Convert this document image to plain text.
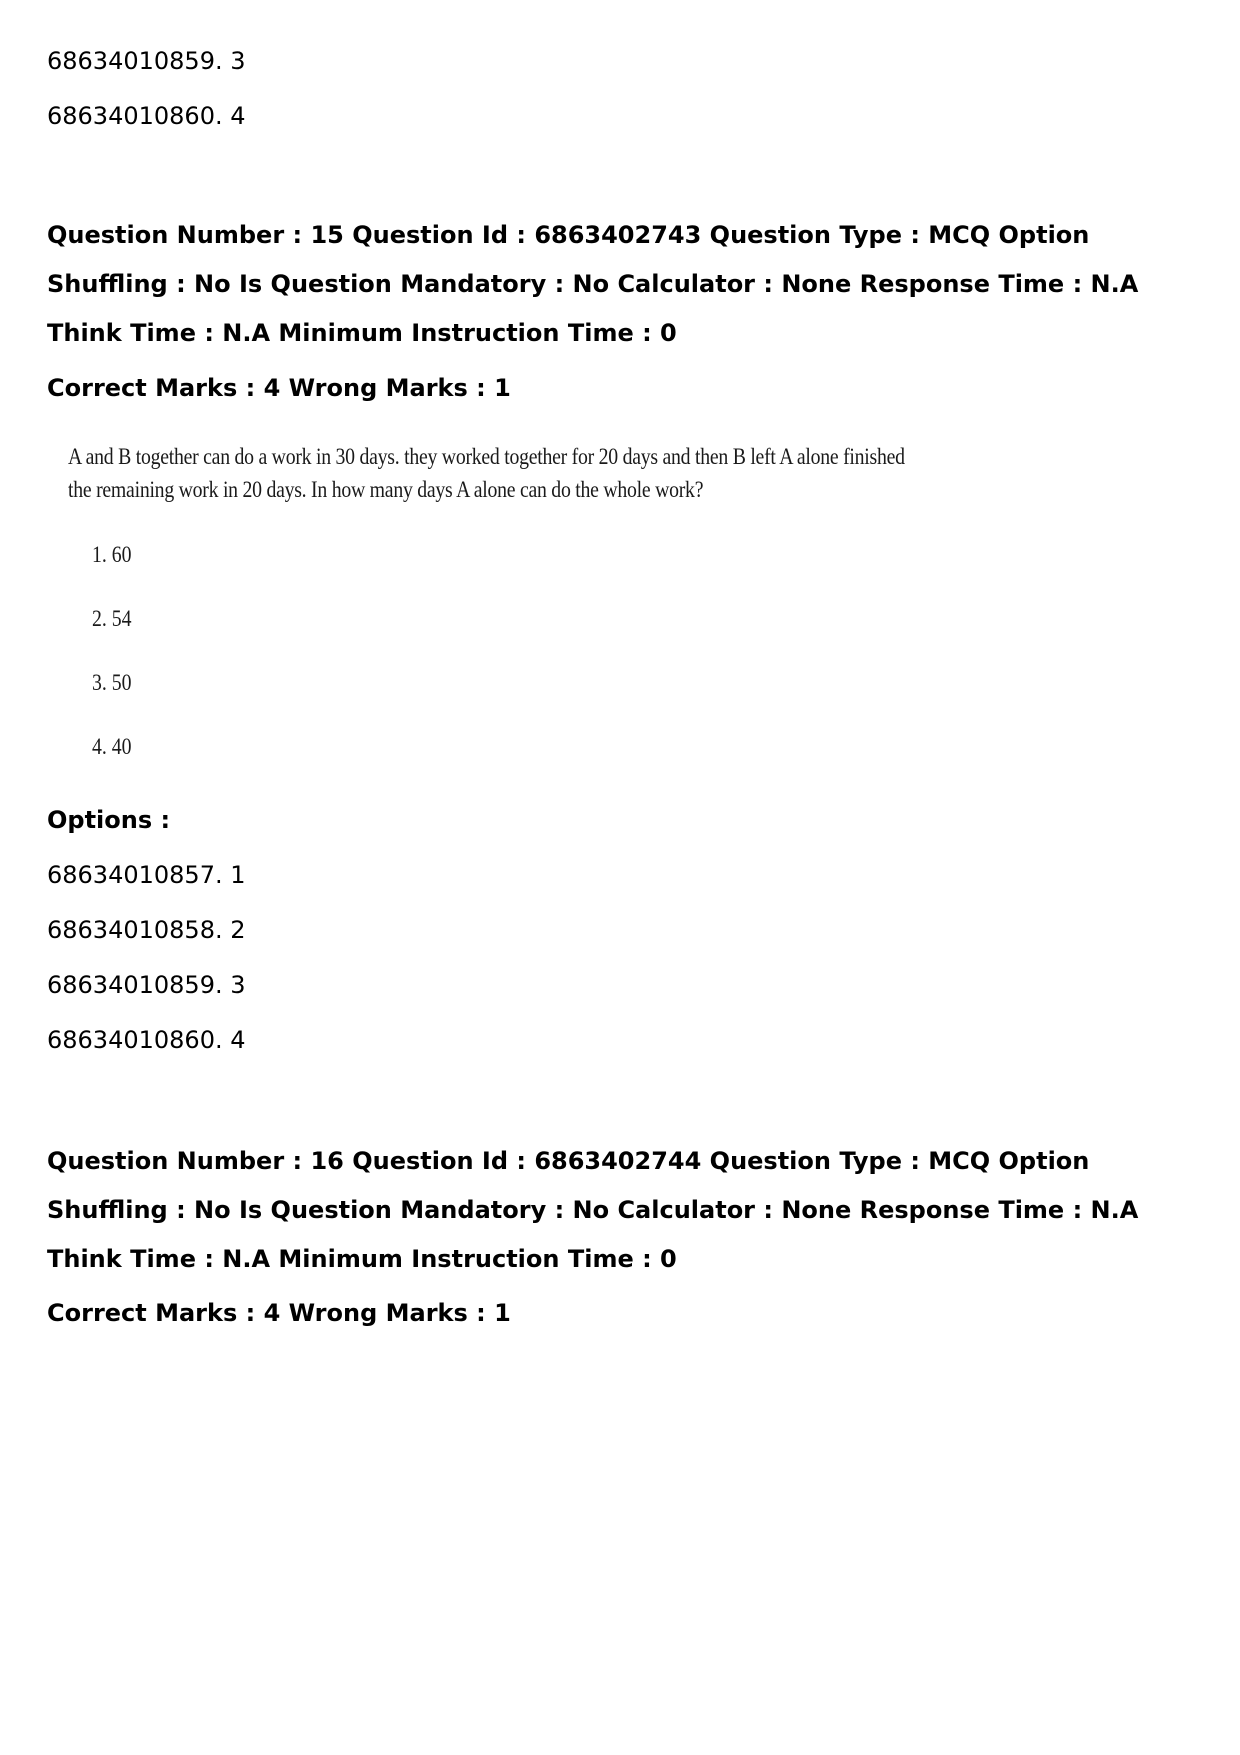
68634010859. 3
68634010860. 4
Question Number : 15 Question Id : 6863402743 Question Type : MCQ Option Shuffling : No Is Question Mandatory : No Calculator : None Response Time : N.A Think Time : N.A Minimum Instruction Time : 0
Correct Marks : 4 Wrong Marks : 1
A and B together can do a work in 30 days. they worked together for 20 days and then B left A alone finished
the remaining work in 20 days. In how many days A alone can do the whole work?
1. 60
2. 54
3. 50
4. 40
Options :
68634010857. 1
68634010858. 2
68634010859. 3
68634010860. 4
Question Number : 16 Question Id : 6863402744 Question Type : MCQ Option Shuffling : No Is Question Mandatory : No Calculator : None Response Time : N.A Think Time : N.A Minimum Instruction Time : 0
Correct Marks : 4 Wrong Marks : 1
